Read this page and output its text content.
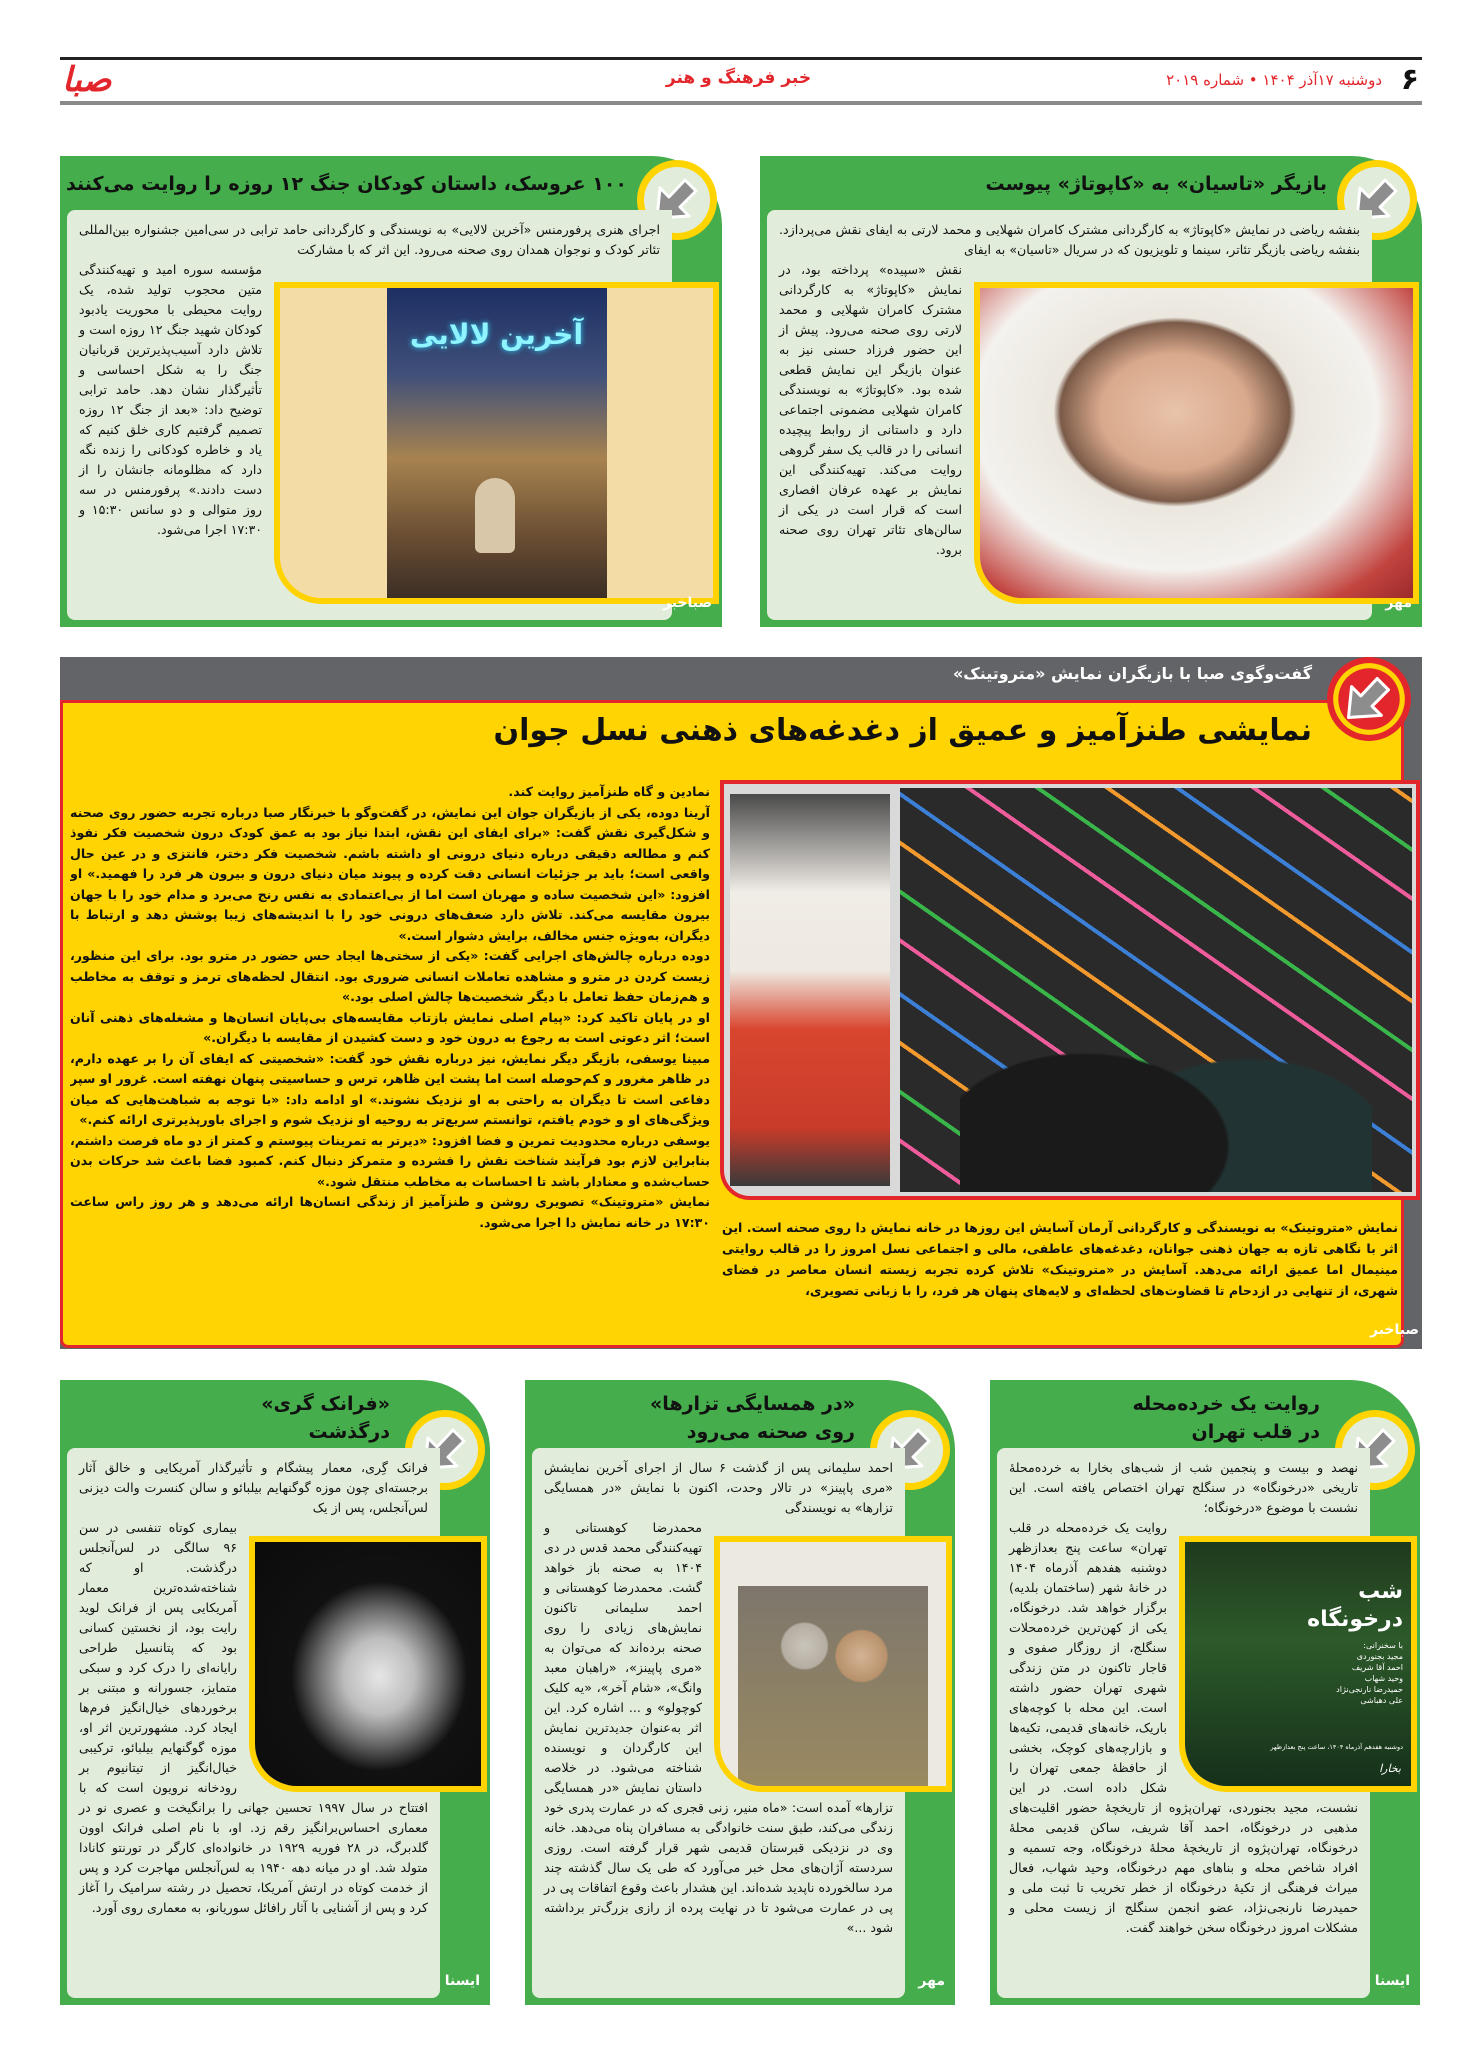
صبا	خبر فرهنگ و هنر	۶
دوشنبه ۱۷آذر ۱۴۰۴ • شماره ۲۰۱۹
۱۰۰ عروسک، داستان کودکان جنگ ۱۲ روزه را روایت می‌کنند

اجرای هنری پرفورمنس «آخرین لالایی» به نویسندگی و کارگردانی حامد ترابی در سی‌امین جشنواره بین‌المللی تئاتر کودک و نوجوان همدان روی صحنه می‌رود. این اثر که با مشارکت

آخرین لالایی

مؤسسه سوره امید و تهیه‌کنندگی متین محجوب تولید شده، یک روایت محیطی با محوریت یادبود کودکان شهید جنگ ۱۲ روزه است و تلاش دارد آسیب‌پذیرترین قربانیان جنگ را به شکل احساسی و تأثیرگذار نشان دهد. حامد ترابی توضیح داد: «بعد از جنگ ۱۲ روزه تصمیم گرفتیم کاری خلق کنیم که یاد و خاطره کودکانی را زنده نگه دارد که مظلومانه جانشان را از دست دادند.» پرفورمنس در سه روز متوالی و دو سانس ۱۵:۳۰ و ۱۷:۳۰ اجرا می‌شود.

صباخبر
بازیگر «تاسیان» به «کاپوتاژ» پیوست

بنفشه ریاضی در نمایش «کاپوتاژ» به کارگردانی مشترک کامران شهلایی و محمد لارتی به ایفای نقش می‌پردازد. بنفشه ریاضی بازیگر تئاتر، سینما و تلویزیون که در سریال «تاسیان» به ایفای

نقش «سپیده» پرداخته بود، در نمایش «کاپوتاژ» به کارگردانی مشترک کامران شهلایی و محمد لارتی روی صحنه می‌رود. پیش از این حضور فرزاد حسنی نیز به عنوان بازیگر این نمایش قطعی شده بود. «کاپوتاژ» به نویسندگی کامران شهلایی مضمونی اجتماعی دارد و داستانی از روابط پیچیده انسانی را در قالب یک سفر گروهی روایت می‌کند. تهیه‌کنندگی این نمایش بر عهده عرفان افصاری است که قرار است در یکی از سالن‌های تئاتر تهران روی صحنه برود.

مهر
گفت‌وگوی صبا با بازیگران نمایش «متروتینک»
نمایشی طنزآمیز و عمیق از دغدغه‌های ذهنی نسل جوان

نمادین و گاه طنزآمیز روایت کند.

آرینا دوده، یکی از بازیگران جوان این نمایش، در گفت‌وگو با خبرنگار صبا درباره تجربه حضور روی صحنه و شکل‌گیری نقش گفت: «برای ایفای این نقش، ابتدا نیاز بود به عمق کودک درون شخصیت فکر نفوذ کنم و مطالعه دقیقی درباره دنیای درونی او داشته باشم. شخصیت فکر دختر، فانتزی و در عین حال واقعی است؛ باید بر جزئیات انسانی دقت کرده و پیوند میان دنیای درون و بیرون هر فرد را فهمید.» او افزود: «این شخصیت ساده و مهربان است اما از بی‌اعتمادی به نفس رنج می‌برد و مدام خود را با جهان بیرون مقایسه می‌کند. تلاش دارد ضعف‌های درونی خود را با اندیشه‌های زیبا پوشش دهد و ارتباط با دیگران، به‌ویژه جنس مخالف، برایش دشوار است.»

دوده درباره چالش‌های اجرایی گفت: «یکی از سختی‌ها ایجاد حس حضور در مترو بود. برای این منظور، زیست کردن در مترو و مشاهده تعاملات انسانی ضروری بود. انتقال لحظه‌های ترمز و توقف به مخاطب و هم‌زمان حفظ تعامل با دیگر شخصیت‌ها چالش اصلی بود.»

او در پایان تاکید کرد: «پیام اصلی نمایش بازتاب مقایسه‌های بی‌پایان انسان‌ها و مشغله‌های ذهنی آنان است؛ اثر دعوتی است به رجوع به درون خود و دست کشیدن از مقایسه با دیگران.»

مبینا یوسفی، بازیگر دیگر نمایش، نیز درباره نقش خود گفت: «شخصیتی که ایفای آن را بر عهده دارم، در ظاهر مغرور و کم‌حوصله است اما پشت این ظاهر، ترس و حساسیتی پنهان نهفته است. غرور او سپر دفاعی است تا دیگران به راحتی به او نزدیک نشوند.» او ادامه داد: «با توجه به شباهت‌هایی که میان ویژگی‌های او و خودم یافتم، توانستم سریع‌تر به روحیه او نزدیک شوم و اجرای باورپذیرتری ارائه کنم.»

یوسفی درباره محدودیت تمرین و فضا افزود: «دیرتر به تمرینات پیوستم و کمتر از دو ماه فرصت داشتم، بنابراین لازم بود فرآیند شناخت نقش را فشرده و متمرکز دنبال کنم. کمبود فضا باعث شد حرکات بدن حساب‌شده و معنادار باشد تا احساسات به مخاطب منتقل شود.»

نمایش «متروتینک» تصویری روشن و طنزآمیز از زندگی انسان‌ها ارائه می‌دهد و هر روز راس ساعت ۱۷:۳۰ در خانه نمایش دا اجرا می‌شود. نمایش «متروتینک» به نویسندگی و کارگردانی آرمان آسایش این روزها در خانه نمایش دا روی صحنه است. این اثر با نگاهی تازه به جهان ذهنی جوانان، دغدغه‌های عاطفی، مالی و اجتماعی نسل امروز را در قالب روایتی مینیمال اما عمیق ارائه می‌دهد. آسایش در «متروتینک» تلاش کرده تجربه زیسته انسان معاصر در فضای شهری، از تنهایی در ازدحام تا قضاوت‌های لحظه‌ای و لایه‌های پنهان هر فرد، را با زبانی تصویری،
صباخبر
«فرانک گری»
درگذشت

فرانک گِری، معمار پیشگام و تأثیرگذار آمریکایی و خالق آثار برجسته‌ای چون موزه گوگنهایم بیلبائو و سالن کنسرت والت دیزنی لس‌آنجلس، پس از یک

بیماری کوتاه تنفسی در سن ۹۶ سالگی در لس‌آنجلس درگذشت. او که شناخته‌شده‌ترین معمار آمریکایی پس از فرانک لوید رایت بود، از نخستین کسانی بود که پتانسیل طراحی رایانه‌ای را درک کرد و سبکی متمایز، جسورانه و مبتنی بر برخوردهای خیال‌انگیز فرم‌ها ایجاد کرد. مشهورترین اثر او، موزه گوگنهایم بیلبائو، ترکیبی خیال‌انگیز از تیتانیوم بر رودخانه نرویون است که با افتتاح در سال ۱۹۹۷ تحسین جهانی را برانگیخت و عصری نو در معماری احساس‌برانگیز رقم زد. او، با نام اصلی فرانک اوون گلدبرگ، در ۲۸ فوریه ۱۹۲۹ در خانواده‌ای کارگر در تورنتو کانادا متولد شد. او در میانه دهه ۱۹۴۰ به لس‌آنجلس مهاجرت کرد و پس از خدمت کوتاه در ارتش آمریکا، تحصیل در رشته سرامیک را آغاز کرد و پس از آشنایی با آثار رافائل سوریانو، به معماری روی آورد.

ایسنا
«در همسایگی تزارها»
روی صحنه می‌رود

احمد سلیمانی پس از گذشت ۶ سال از اجرای آخرین نمایشش «مری پاپینز» در تالار وحدت، اکنون با نمایش «در همسایگی تزارها» به نویسندگی

محمدرضا کوهستانی و تهیه‌کنندگی محمد قدس در دی ۱۴۰۴ به صحنه باز خواهد گشت. محمدرضا کوهستانی و احمد سلیمانی تاکنون نمایش‌های زیادی را روی صحنه برده‌اند که می‌توان به «مری پاپینز»، «راهبان معبد وانگ»، «شام آخر»، «یه کلیک کوچولو» و ... اشاره کرد. این اثر به‌عنوان جدیدترین نمایش این کارگردان و نویسنده شناخته می‌شود. در خلاصه داستان نمایش «در همسایگی تزارها» آمده است: «ماه منیر، زنی قجری که در عمارت پدری خود زندگی می‌کند، طبق سنت خانوادگی به مسافران پناه می‌دهد. خانه وی در نزدیکی قبرستان قدیمی شهر قرار گرفته است. روزی سردسته آژان‌های محل خبر می‌آورد که طی یک سال گذشته چند مرد سالخورده ناپدید شده‌اند. این هشدار باعث وقوع اتفاقات پی در پی در عمارت می‌شود تا در نهایت پرده از رازی بزرگ‌تر برداشته شود ...»

مهر
روایت یک خرده‌محله
در قلب تهران

نهصد و بیست و پنجمین شب از شب‌های بخارا به خرده‌محلهٔ تاریخی «درخونگاه» در سنگلج تهران اختصاص یافته است. این نشست با موضوع «درخونگاه؛

شب
درخونگاه
با سخنرانی:
مجید بجنوردی
احمد آقا شریف
وحید شهاب
حمیدرضا نارنجی‌نژاد
علی دهباشی
دوشنبه هفدهم آذرماه ۱۴۰۴، ساعت پنج بعدازظهر
بخارا

روایت یک خرده‌محله در قلب تهران» ساعت پنج بعدازظهر دوشنبه هفدهم آذرماه ۱۴۰۴ در خانهٔ شهر (ساختمان بلدیه) برگزار خواهد شد. درخونگاه، یکی از کهن‌ترین خرده‌محلات سنگلج، از روزگار صفوی و قاجار تاکنون در متن زندگی شهری تهران حضور داشته است. این محله با کوچه‌های باریک، خانه‌های قدیمی، تکیه‌ها و بازارچه‌های کوچک، بخشی از حافظهٔ جمعی تهران را شکل داده است. در این نشست، مجید بجنوردی، تهران‌پژوه از تاریخچهٔ حضور اقلیت‌های مذهبی در درخونگاه، احمد آقا شریف، ساکن قدیمی محلهٔ درخونگاه، تهران‌پژوه از تاریخچهٔ محلهٔ درخونگاه، وجه تسمیه و افراد شاخص محله و بناهای مهم درخونگاه، وحید شهاب، فعال میراث فرهنگی از تکیهٔ درخونگاه از خطر تخریب تا ثبت ملی و حمیدرضا نارنجی‌نژاد، عضو انجمن سنگلج از زیست محلی و مشکلات امروز درخونگاه سخن خواهند گفت.

ایسنا
